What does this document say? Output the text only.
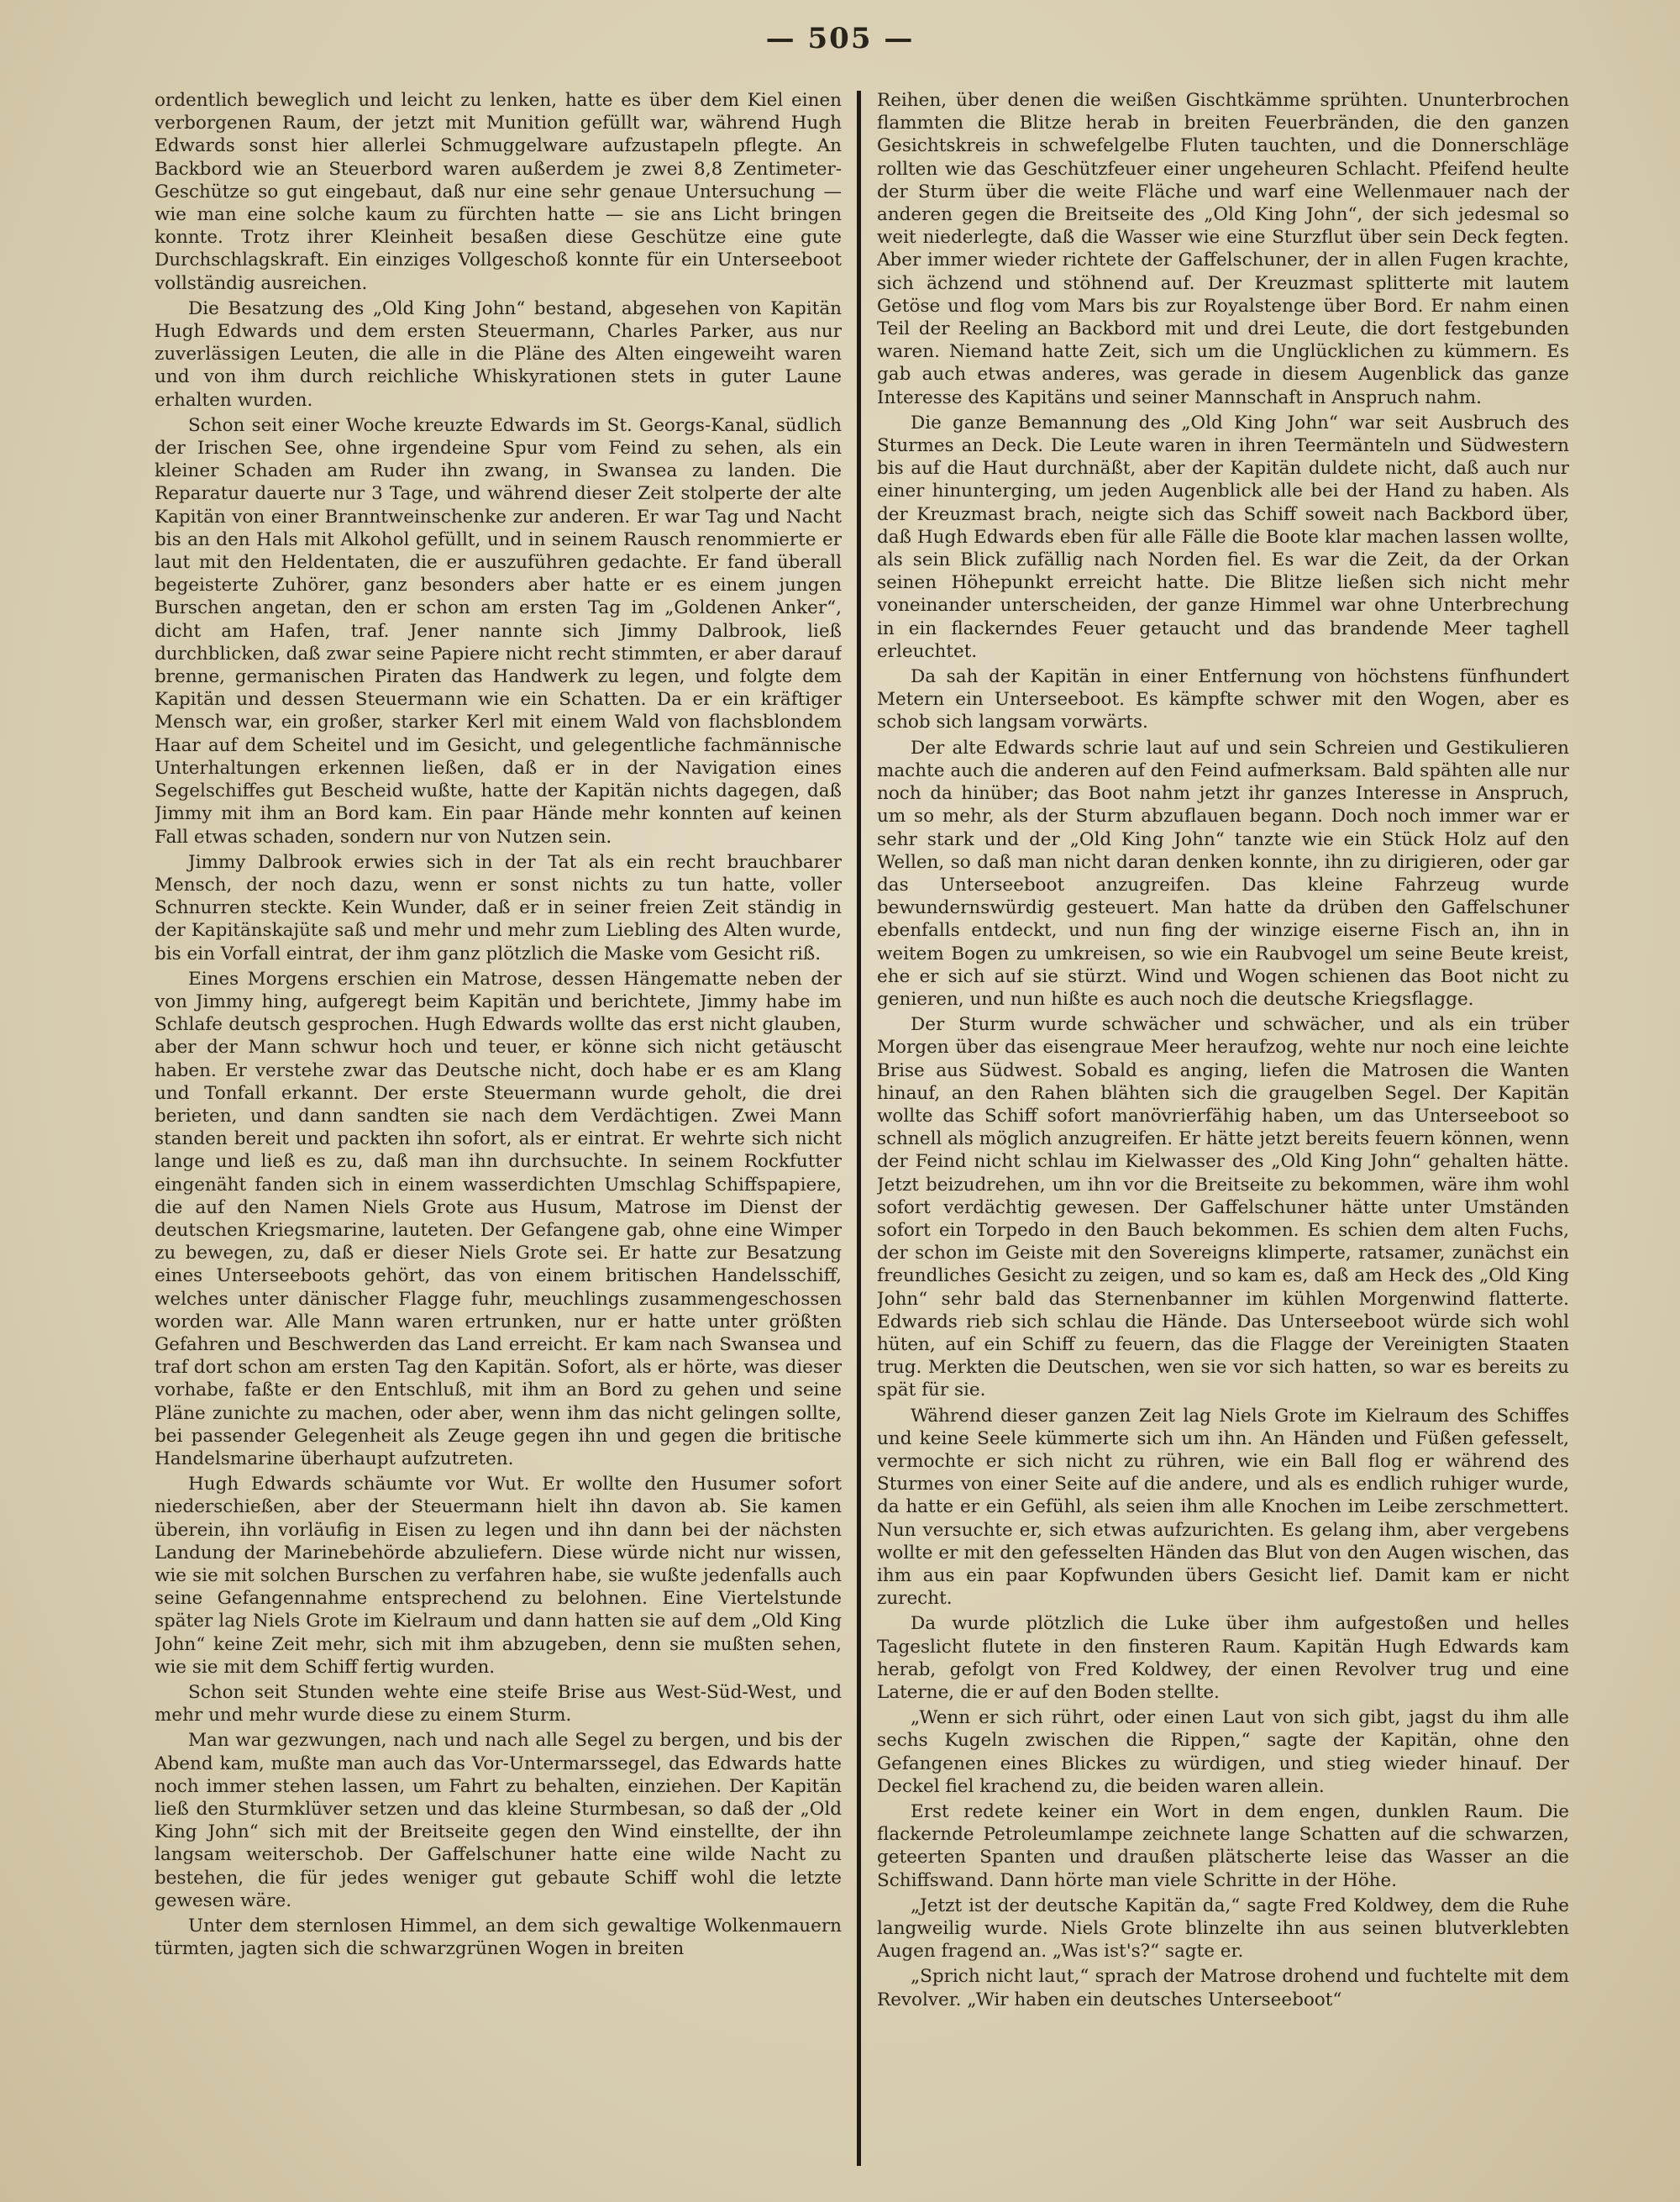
— 505 —

ordentlich beweglich und leicht zu lenken, hatte es über dem Kiel einen verborgenen Raum, der jetzt mit Munition gefüllt war, während Hugh Edwards sonst hier allerlei Schmuggelware aufzustapeln pflegte. An Backbord wie an Steuerbord waren außerdem je zwei 8,8 Zentimeter-Geschütze so gut eingebaut, daß nur eine sehr genaue Untersuchung — wie man eine solche kaum zu fürchten hatte — sie ans Licht bringen konnte. Trotz ihrer Kleinheit besaßen diese Geschütze eine gute Durchschlagskraft. Ein einziges Vollgeschoß konnte für ein Unterseeboot vollständig ausreichen.

Die Besatzung des „Old King John“ bestand, abgesehen von Kapitän Hugh Edwards und dem ersten Steuermann, Charles Parker, aus nur zuverlässigen Leuten, die alle in die Pläne des Alten eingeweiht waren und von ihm durch reichliche Whiskyrationen stets in guter Laune erhalten wurden.

Schon seit einer Woche kreuzte Edwards im St. Georgs-Kanal, südlich der Irischen See, ohne irgendeine Spur vom Feind zu sehen, als ein kleiner Schaden am Ruder ihn zwang, in Swansea zu landen. Die Reparatur dauerte nur 3 Tage, und während dieser Zeit stolperte der alte Kapitän von einer Branntweinschenke zur anderen. Er war Tag und Nacht bis an den Hals mit Alkohol gefüllt, und in seinem Rausch renommierte er laut mit den Heldentaten, die er auszuführen gedachte. Er fand überall begeisterte Zuhörer, ganz besonders aber hatte er es einem jungen Burschen angetan, den er schon am ersten Tag im „Goldenen Anker“, dicht am Hafen, traf. Jener nannte sich Jimmy Dalbrook, ließ durchblicken, daß zwar seine Papiere nicht recht stimmten, er aber darauf brenne, germanischen Piraten das Handwerk zu legen, und folgte dem Kapitän und dessen Steuermann wie ein Schatten. Da er ein kräftiger Mensch war, ein großer, starker Kerl mit einem Wald von flachsblondem Haar auf dem Scheitel und im Gesicht, und gelegentliche fachmännische Unterhaltungen erkennen ließen, daß er in der Navigation eines Segelschiffes gut Bescheid wußte, hatte der Kapitän nichts dagegen, daß Jimmy mit ihm an Bord kam. Ein paar Hände mehr konnten auf keinen Fall etwas schaden, sondern nur von Nutzen sein.

Jimmy Dalbrook erwies sich in der Tat als ein recht brauchbarer Mensch, der noch dazu, wenn er sonst nichts zu tun hatte, voller Schnurren steckte. Kein Wunder, daß er in seiner freien Zeit ständig in der Kapitänskajüte saß und mehr und mehr zum Liebling des Alten wurde, bis ein Vorfall eintrat, der ihm ganz plötzlich die Maske vom Gesicht riß.

Eines Morgens erschien ein Matrose, dessen Hängematte neben der von Jimmy hing, aufgeregt beim Kapitän und berichtete, Jimmy habe im Schlafe deutsch gesprochen. Hugh Edwards wollte das erst nicht glauben, aber der Mann schwur hoch und teuer, er könne sich nicht getäuscht haben. Er verstehe zwar das Deutsche nicht, doch habe er es am Klang und Tonfall erkannt. Der erste Steuermann wurde geholt, die drei berieten, und dann sandten sie nach dem Verdächtigen. Zwei Mann standen bereit und packten ihn sofort, als er eintrat. Er wehrte sich nicht lange und ließ es zu, daß man ihn durchsuchte. In seinem Rockfutter eingenäht fanden sich in einem wasserdichten Umschlag Schiffspapiere, die auf den Namen Niels Grote aus Husum, Matrose im Dienst der deutschen Kriegsmarine, lauteten. Der Gefangene gab, ohne eine Wimper zu bewegen, zu, daß er dieser Niels Grote sei. Er hatte zur Besatzung eines Unterseeboots gehört, das von einem britischen Handelsschiff, welches unter dänischer Flagge fuhr, meuchlings zusammengeschossen worden war. Alle Mann waren ertrunken, nur er hatte unter größten Gefahren und Beschwerden das Land erreicht. Er kam nach Swansea und traf dort schon am ersten Tag den Kapitän. Sofort, als er hörte, was dieser vorhabe, faßte er den Entschluß, mit ihm an Bord zu gehen und seine Pläne zunichte zu machen, oder aber, wenn ihm das nicht gelingen sollte, bei passender Gelegenheit als Zeuge gegen ihn und gegen die britische Handelsmarine überhaupt aufzutreten.

Hugh Edwards schäumte vor Wut. Er wollte den Husumer sofort niederschießen, aber der Steuermann hielt ihn davon ab. Sie kamen überein, ihn vorläufig in Eisen zu legen und ihn dann bei der nächsten Landung der Marinebehörde abzuliefern. Diese würde nicht nur wissen, wie sie mit solchen Burschen zu verfahren habe, sie wußte jedenfalls auch seine Gefangennahme entsprechend zu belohnen. Eine Viertelstunde später lag Niels Grote im Kielraum und dann hatten sie auf dem „Old King John“ keine Zeit mehr, sich mit ihm abzugeben, denn sie mußten sehen, wie sie mit dem Schiff fertig wurden.

Schon seit Stunden wehte eine steife Brise aus West-Süd-West, und mehr und mehr wurde diese zu einem Sturm.

Man war gezwungen, nach und nach alle Segel zu bergen, und bis der Abend kam, mußte man auch das Vor-Untermarssegel, das Edwards hatte noch immer stehen lassen, um Fahrt zu behalten, einziehen. Der Kapitän ließ den Sturmklüver setzen und das kleine Sturmbesan, so daß der „Old King John“ sich mit der Breitseite gegen den Wind einstellte, der ihn langsam weiterschob. Der Gaffelschuner hatte eine wilde Nacht zu bestehen, die für jedes weniger gut gebaute Schiff wohl die letzte gewesen wäre.

Unter dem sternlosen Himmel, an dem sich gewaltige Wolkenmauern türmten, jagten sich die schwarzgrünen Wogen in breiten

Reihen, über denen die weißen Gischtkämme sprühten. Ununterbrochen flammten die Blitze herab in breiten Feuerbränden, die den ganzen Gesichtskreis in schwefelgelbe Fluten tauchten, und die Donnerschläge rollten wie das Geschützfeuer einer ungeheuren Schlacht. Pfeifend heulte der Sturm über die weite Fläche und warf eine Wellenmauer nach der anderen gegen die Breitseite des „Old King John“, der sich jedesmal so weit niederlegte, daß die Wasser wie eine Sturzflut über sein Deck fegten. Aber immer wieder richtete der Gaffelschuner, der in allen Fugen krachte, sich ächzend und stöhnend auf. Der Kreuzmast splitterte mit lautem Getöse und flog vom Mars bis zur Royalstenge über Bord. Er nahm einen Teil der Reeling an Backbord mit und drei Leute, die dort festgebunden waren. Niemand hatte Zeit, sich um die Unglücklichen zu kümmern. Es gab auch etwas anderes, was gerade in diesem Augenblick das ganze Interesse des Kapitäns und seiner Mannschaft in Anspruch nahm.

Die ganze Bemannung des „Old King John“ war seit Ausbruch des Sturmes an Deck. Die Leute waren in ihren Teermänteln und Südwestern bis auf die Haut durchnäßt, aber der Kapitän duldete nicht, daß auch nur einer hinunterging, um jeden Augenblick alle bei der Hand zu haben. Als der Kreuzmast brach, neigte sich das Schiff soweit nach Backbord über, daß Hugh Edwards eben für alle Fälle die Boote klar machen lassen wollte, als sein Blick zufällig nach Norden fiel. Es war die Zeit, da der Orkan seinen Höhepunkt erreicht hatte. Die Blitze ließen sich nicht mehr voneinander unterscheiden, der ganze Himmel war ohne Unterbrechung in ein flackerndes Feuer getaucht und das brandende Meer taghell erleuchtet.

Da sah der Kapitän in einer Entfernung von höchstens fünfhundert Metern ein Unterseeboot. Es kämpfte schwer mit den Wogen, aber es schob sich langsam vorwärts.

Der alte Edwards schrie laut auf und sein Schreien und Gestikulieren machte auch die anderen auf den Feind aufmerksam. Bald spähten alle nur noch da hinüber; das Boot nahm jetzt ihr ganzes Interesse in Anspruch, um so mehr, als der Sturm abzuflauen begann. Doch noch immer war er sehr stark und der „Old King John“ tanzte wie ein Stück Holz auf den Wellen, so daß man nicht daran denken konnte, ihn zu dirigieren, oder gar das Unterseeboot anzugreifen. Das kleine Fahrzeug wurde bewundernswürdig gesteuert. Man hatte da drüben den Gaffelschuner ebenfalls entdeckt, und nun fing der winzige eiserne Fisch an, ihn in weitem Bogen zu umkreisen, so wie ein Raubvogel um seine Beute kreist, ehe er sich auf sie stürzt. Wind und Wogen schienen das Boot nicht zu genieren, und nun hißte es auch noch die deutsche Kriegsflagge.

Der Sturm wurde schwächer und schwächer, und als ein trüber Morgen über das eisengraue Meer heraufzog, wehte nur noch eine leichte Brise aus Südwest. Sobald es anging, liefen die Matrosen die Wanten hinauf, an den Rahen blähten sich die graugelben Segel. Der Kapitän wollte das Schiff sofort manövrierfähig haben, um das Unterseeboot so schnell als möglich anzugreifen. Er hätte jetzt bereits feuern können, wenn der Feind nicht schlau im Kielwasser des „Old King John“ gehalten hätte. Jetzt beizudrehen, um ihn vor die Breitseite zu bekommen, wäre ihm wohl sofort verdächtig gewesen. Der Gaffelschuner hätte unter Umständen sofort ein Torpedo in den Bauch bekommen. Es schien dem alten Fuchs, der schon im Geiste mit den Sovereigns klimperte, ratsamer, zunächst ein freundliches Gesicht zu zeigen, und so kam es, daß am Heck des „Old King John“ sehr bald das Sternenbanner im kühlen Morgenwind flatterte. Edwards rieb sich schlau die Hände. Das Unterseeboot würde sich wohl hüten, auf ein Schiff zu feuern, das die Flagge der Vereinigten Staaten trug. Merkten die Deutschen, wen sie vor sich hatten, so war es bereits zu spät für sie.

Während dieser ganzen Zeit lag Niels Grote im Kielraum des Schiffes und keine Seele kümmerte sich um ihn. An Händen und Füßen gefesselt, vermochte er sich nicht zu rühren, wie ein Ball flog er während des Sturmes von einer Seite auf die andere, und als es endlich ruhiger wurde, da hatte er ein Gefühl, als seien ihm alle Knochen im Leibe zerschmettert. Nun versuchte er, sich etwas aufzurichten. Es gelang ihm, aber vergebens wollte er mit den gefesselten Händen das Blut von den Augen wischen, das ihm aus ein paar Kopfwunden übers Gesicht lief. Damit kam er nicht zurecht.

Da wurde plötzlich die Luke über ihm aufgestoßen und helles Tageslicht flutete in den finsteren Raum. Kapitän Hugh Edwards kam herab, gefolgt von Fred Koldwey, der einen Revolver trug und eine Laterne, die er auf den Boden stellte.

„Wenn er sich rührt, oder einen Laut von sich gibt, jagst du ihm alle sechs Kugeln zwischen die Rippen,“ sagte der Kapitän, ohne den Gefangenen eines Blickes zu würdigen, und stieg wieder hinauf. Der Deckel fiel krachend zu, die beiden waren allein.

Erst redete keiner ein Wort in dem engen, dunklen Raum. Die flackernde Petroleumlampe zeichnete lange Schatten auf die schwarzen, geteerten Spanten und draußen plätscherte leise das Wasser an die Schiffswand. Dann hörte man viele Schritte in der Höhe.

„Jetzt ist der deutsche Kapitän da,“ sagte Fred Koldwey, dem die Ruhe langweilig wurde. Niels Grote blinzelte ihn aus seinen blutverklebten Augen fragend an. „Was ist's?“ sagte er.

„Sprich nicht laut,“ sprach der Matrose drohend und fuchtelte mit dem Revolver. „Wir haben ein deutsches Unterseeboot“
